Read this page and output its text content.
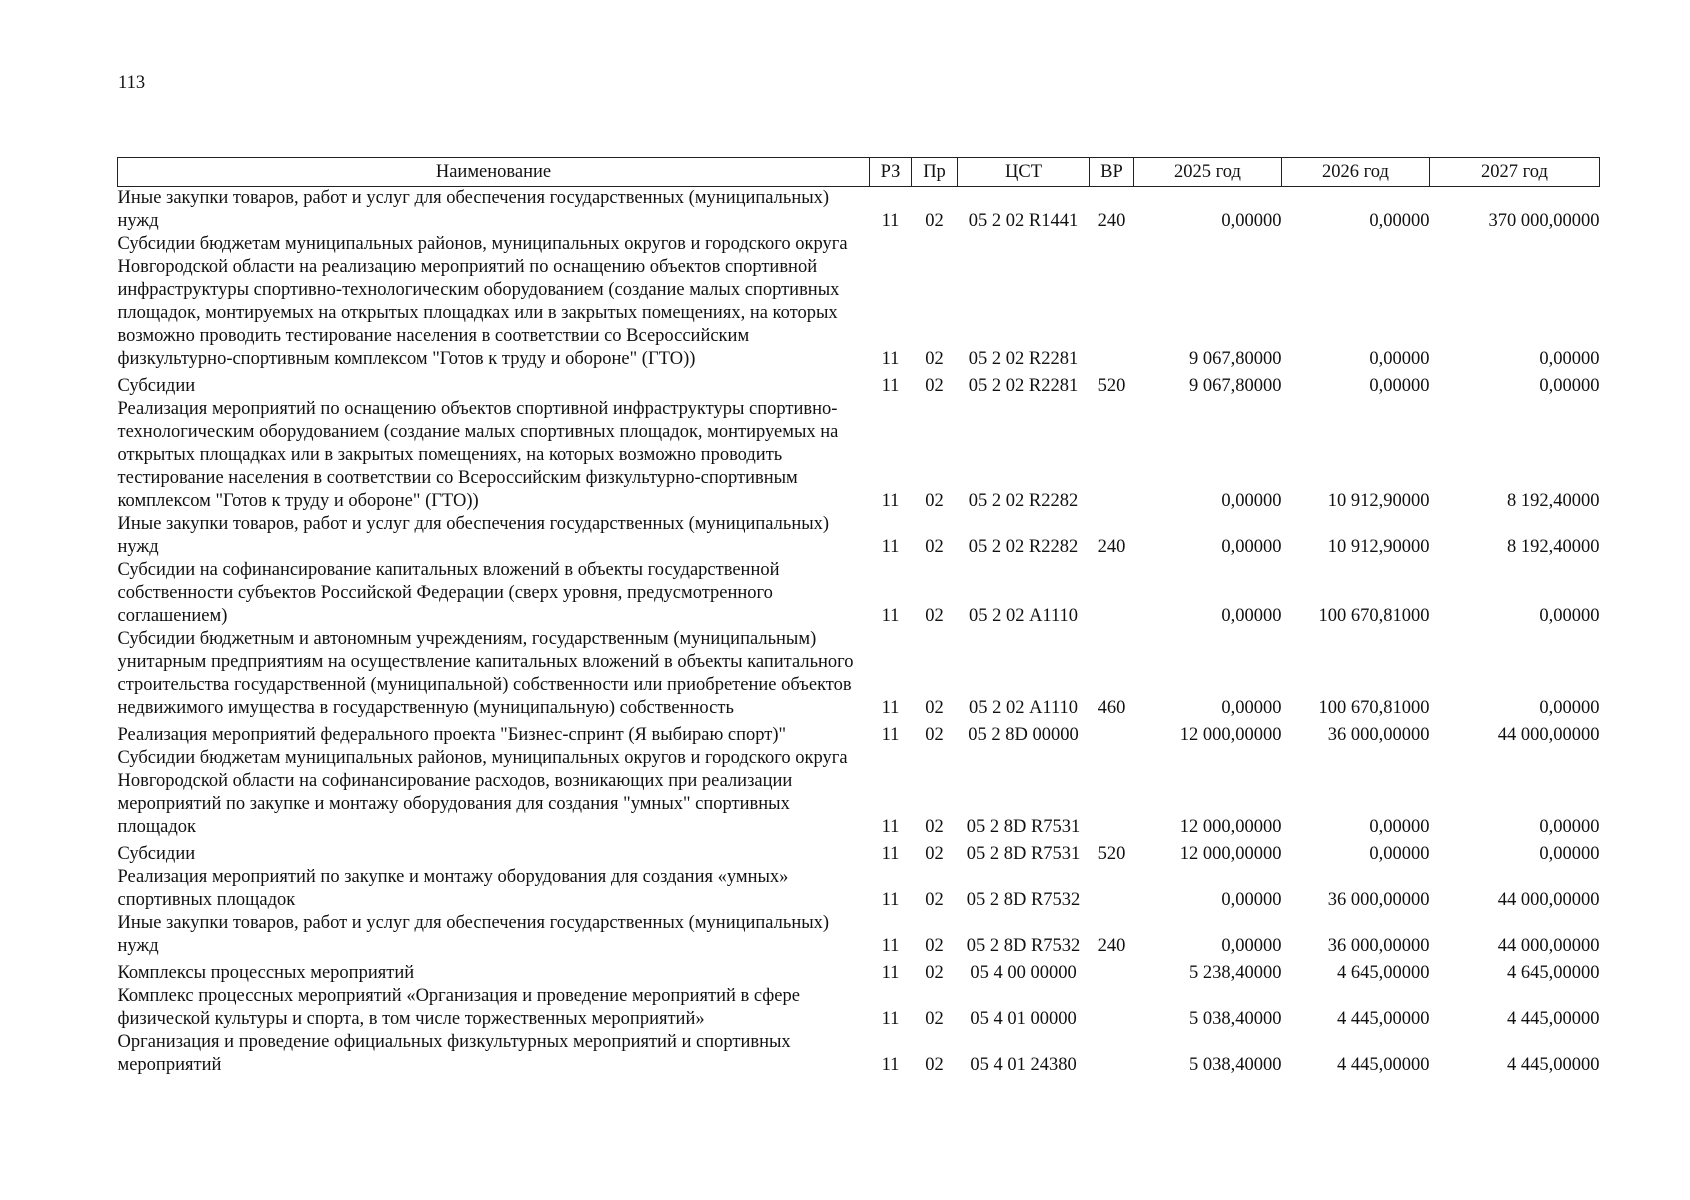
113
Наименование	РЗ	Пр	ЦСТ	ВР	2025 год	2026 год	2027 год
Иные закупки товаров, работ и услуг для обеспечения государственных (муниципальных) нужд	11	02	05 2 02 R1441	240	0,00000	0,00000	370 000,00000
Субсидии бюджетам муниципальных районов, муниципальных округов и городского округа Новгородской области на реализацию мероприятий по оснащению объектов спортивной инфраструктуры спортивно-технологическим оборудованием (создание малых спортивных площадок, монтируемых на открытых площадках или в закрытых помещениях, на которых возможно проводить тестирование населения в соответствии со Всероссийским физкультурно-спортивным комплексом "Готов к труду и обороне" (ГТО))	11	02	05 2 02 R2281		9 067,80000	0,00000	0,00000
Субсидии	11	02	05 2 02 R2281	520	9 067,80000	0,00000	0,00000
Реализация мероприятий по оснащению объектов спортивной инфраструктуры спортивно-технологическим оборудованием (создание малых спортивных площадок, монтируемых на открытых площадках или в закрытых помещениях, на которых возможно проводить тестирование населения в соответствии со Всероссийским физкультурно-спортивным комплексом "Готов к труду и обороне" (ГТО))	11	02	05 2 02 R2282		0,00000	10 912,90000	8 192,40000
Иные закупки товаров, работ и услуг для обеспечения государственных (муниципальных) нужд	11	02	05 2 02 R2282	240	0,00000	10 912,90000	8 192,40000
Субсидии на софинансирование капитальных вложений в объекты государственной собственности субъектов Российской Федерации (сверх уровня, предусмотренного соглашением)	11	02	05 2 02 А1110		0,00000	100 670,81000	0,00000
Субсидии бюджетным и автономным учреждениям, государственным (муниципальным) унитарным предприятиям на осуществление капитальных вложений в объекты капитального строительства государственной (муниципальной) собственности или приобретение объектов недвижимого имущества в государственную (муниципальную) собственность	11	02	05 2 02 А1110	460	0,00000	100 670,81000	0,00000
Реализация мероприятий федерального проекта "Бизнес-спринт (Я выбираю спорт)"	11	02	05 2 8D 00000		12 000,00000	36 000,00000	44 000,00000
Субсидии бюджетам муниципальных районов, муниципальных округов и городского округа Новгородской области на софинансирование расходов, возникающих при реализации мероприятий по закупке и монтажу оборудования для создания "умных" спортивных площадок	11	02	05 2 8D R7531		12 000,00000	0,00000	0,00000
Субсидии	11	02	05 2 8D R7531	520	12 000,00000	0,00000	0,00000
Реализация мероприятий по закупке и монтажу оборудования для создания «умных» спортивных площадок	11	02	05 2 8D R7532		0,00000	36 000,00000	44 000,00000
Иные закупки товаров, работ и услуг для обеспечения государственных (муниципальных) нужд	11	02	05 2 8D R7532	240	0,00000	36 000,00000	44 000,00000
Комплексы процессных мероприятий	11	02	05 4 00 00000		5 238,40000	4 645,00000	4 645,00000
Комплекс процессных мероприятий «Организация и проведение мероприятий в сфере физической культуры и спорта, в том числе торжественных мероприятий»	11	02	05 4 01 00000		5 038,40000	4 445,00000	4 445,00000
Организация и проведение официальных физкультурных мероприятий и спортивных мероприятий	11	02	05 4 01 24380		5 038,40000	4 445,00000	4 445,00000
